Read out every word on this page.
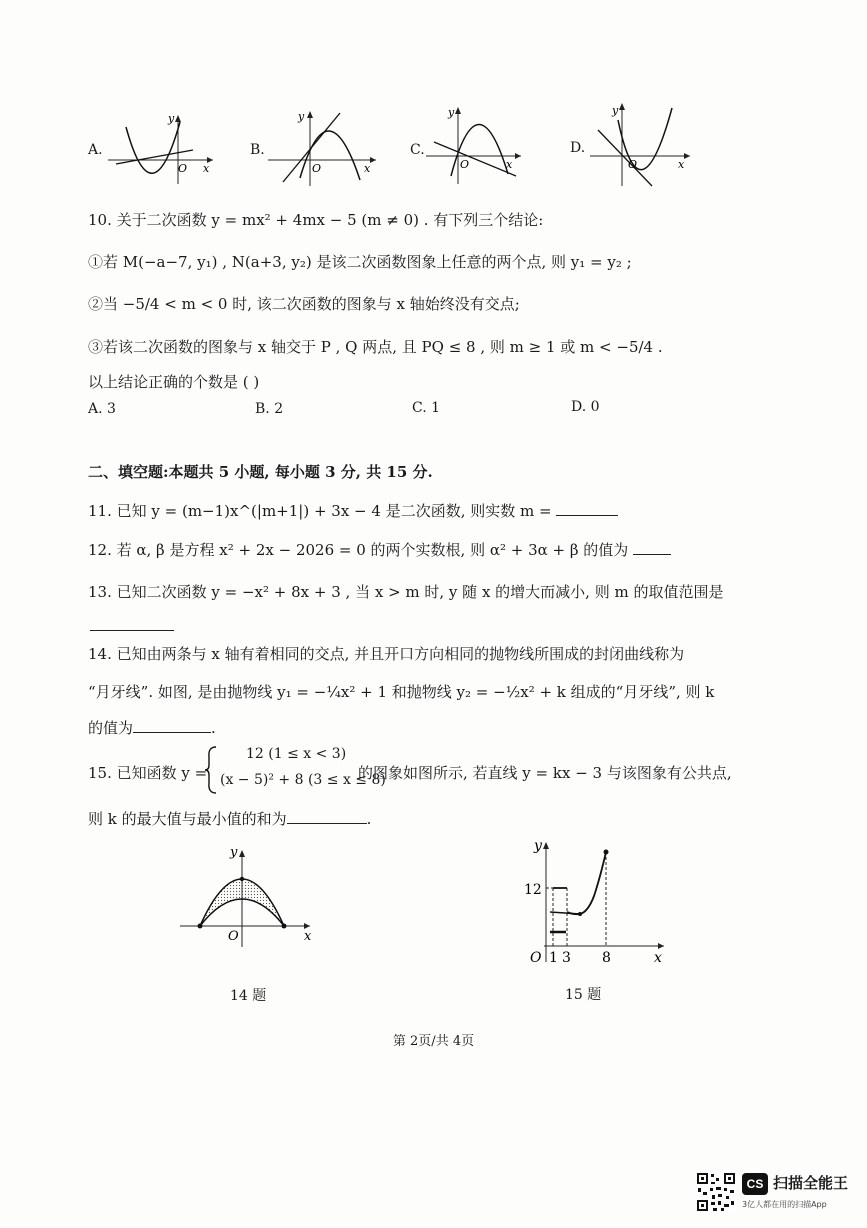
A.
y
O x
B.
y
O	x
C.
y
O	x
D.
y
O	x
10. 关于二次函数 y = mx² + 4mx − 5 (m ≠ 0) . 有下列三个结论:
①若 M(−a−7, y₁) , N(a+3, y₂) 是该二次函数图象上任意的两个点, 则 y₁ = y₂ ;
②当 −5/4 < m < 0 时, 该二次函数的图象与 x 轴始终没有交点;
③若该二次函数的图象与 x 轴交于 P , Q 两点, 且 PQ ≤ 8 , 则 m ≥ 1 或 m < −5/4 .
以上结论正确的个数是 ( )
A. 3	B. 2	C. 1	D. 0
二、填空题:本题共 5 小题, 每小题 3 分, 共 15 分.
11. 已知 y = (m−1)x^(|m+1|) + 3x − 4 是二次函数, 则实数 m =
12. 若 α, β 是方程 x² + 2x − 2026 = 0 的两个实数根, 则 α² + 3α + β 的值为
13. 已知二次函数 y = −x² + 8x + 3 , 当 x > m 时, y 随 x 的增大而减小, 则 m 的取值范围是
14. 已知由两条与 x 轴有着相同的交点, 并且开口方向相同的抛物线所围成的封闭曲线称为
“月牙线”. 如图, 是由抛物线 y₁ = −¼x² + 1 和抛物线 y₂ = −½x² + k 组成的“月牙线”, 则 k
的值为	.
15. 已知函数 y =
12 (1 ≤ x < 3)
(x − 5)² + 8 (3 ≤ x ≤ 8)
的图象如图所示, 若直线 y = kx − 3 与该图象有公共点,
则 k 的最大值与最小值的和为	.
y
O	x
14 题
y
12
O 1 3 8	x
15 题
第 2页/共 4页
CS 扫描全能王
3亿人都在用的扫描App
